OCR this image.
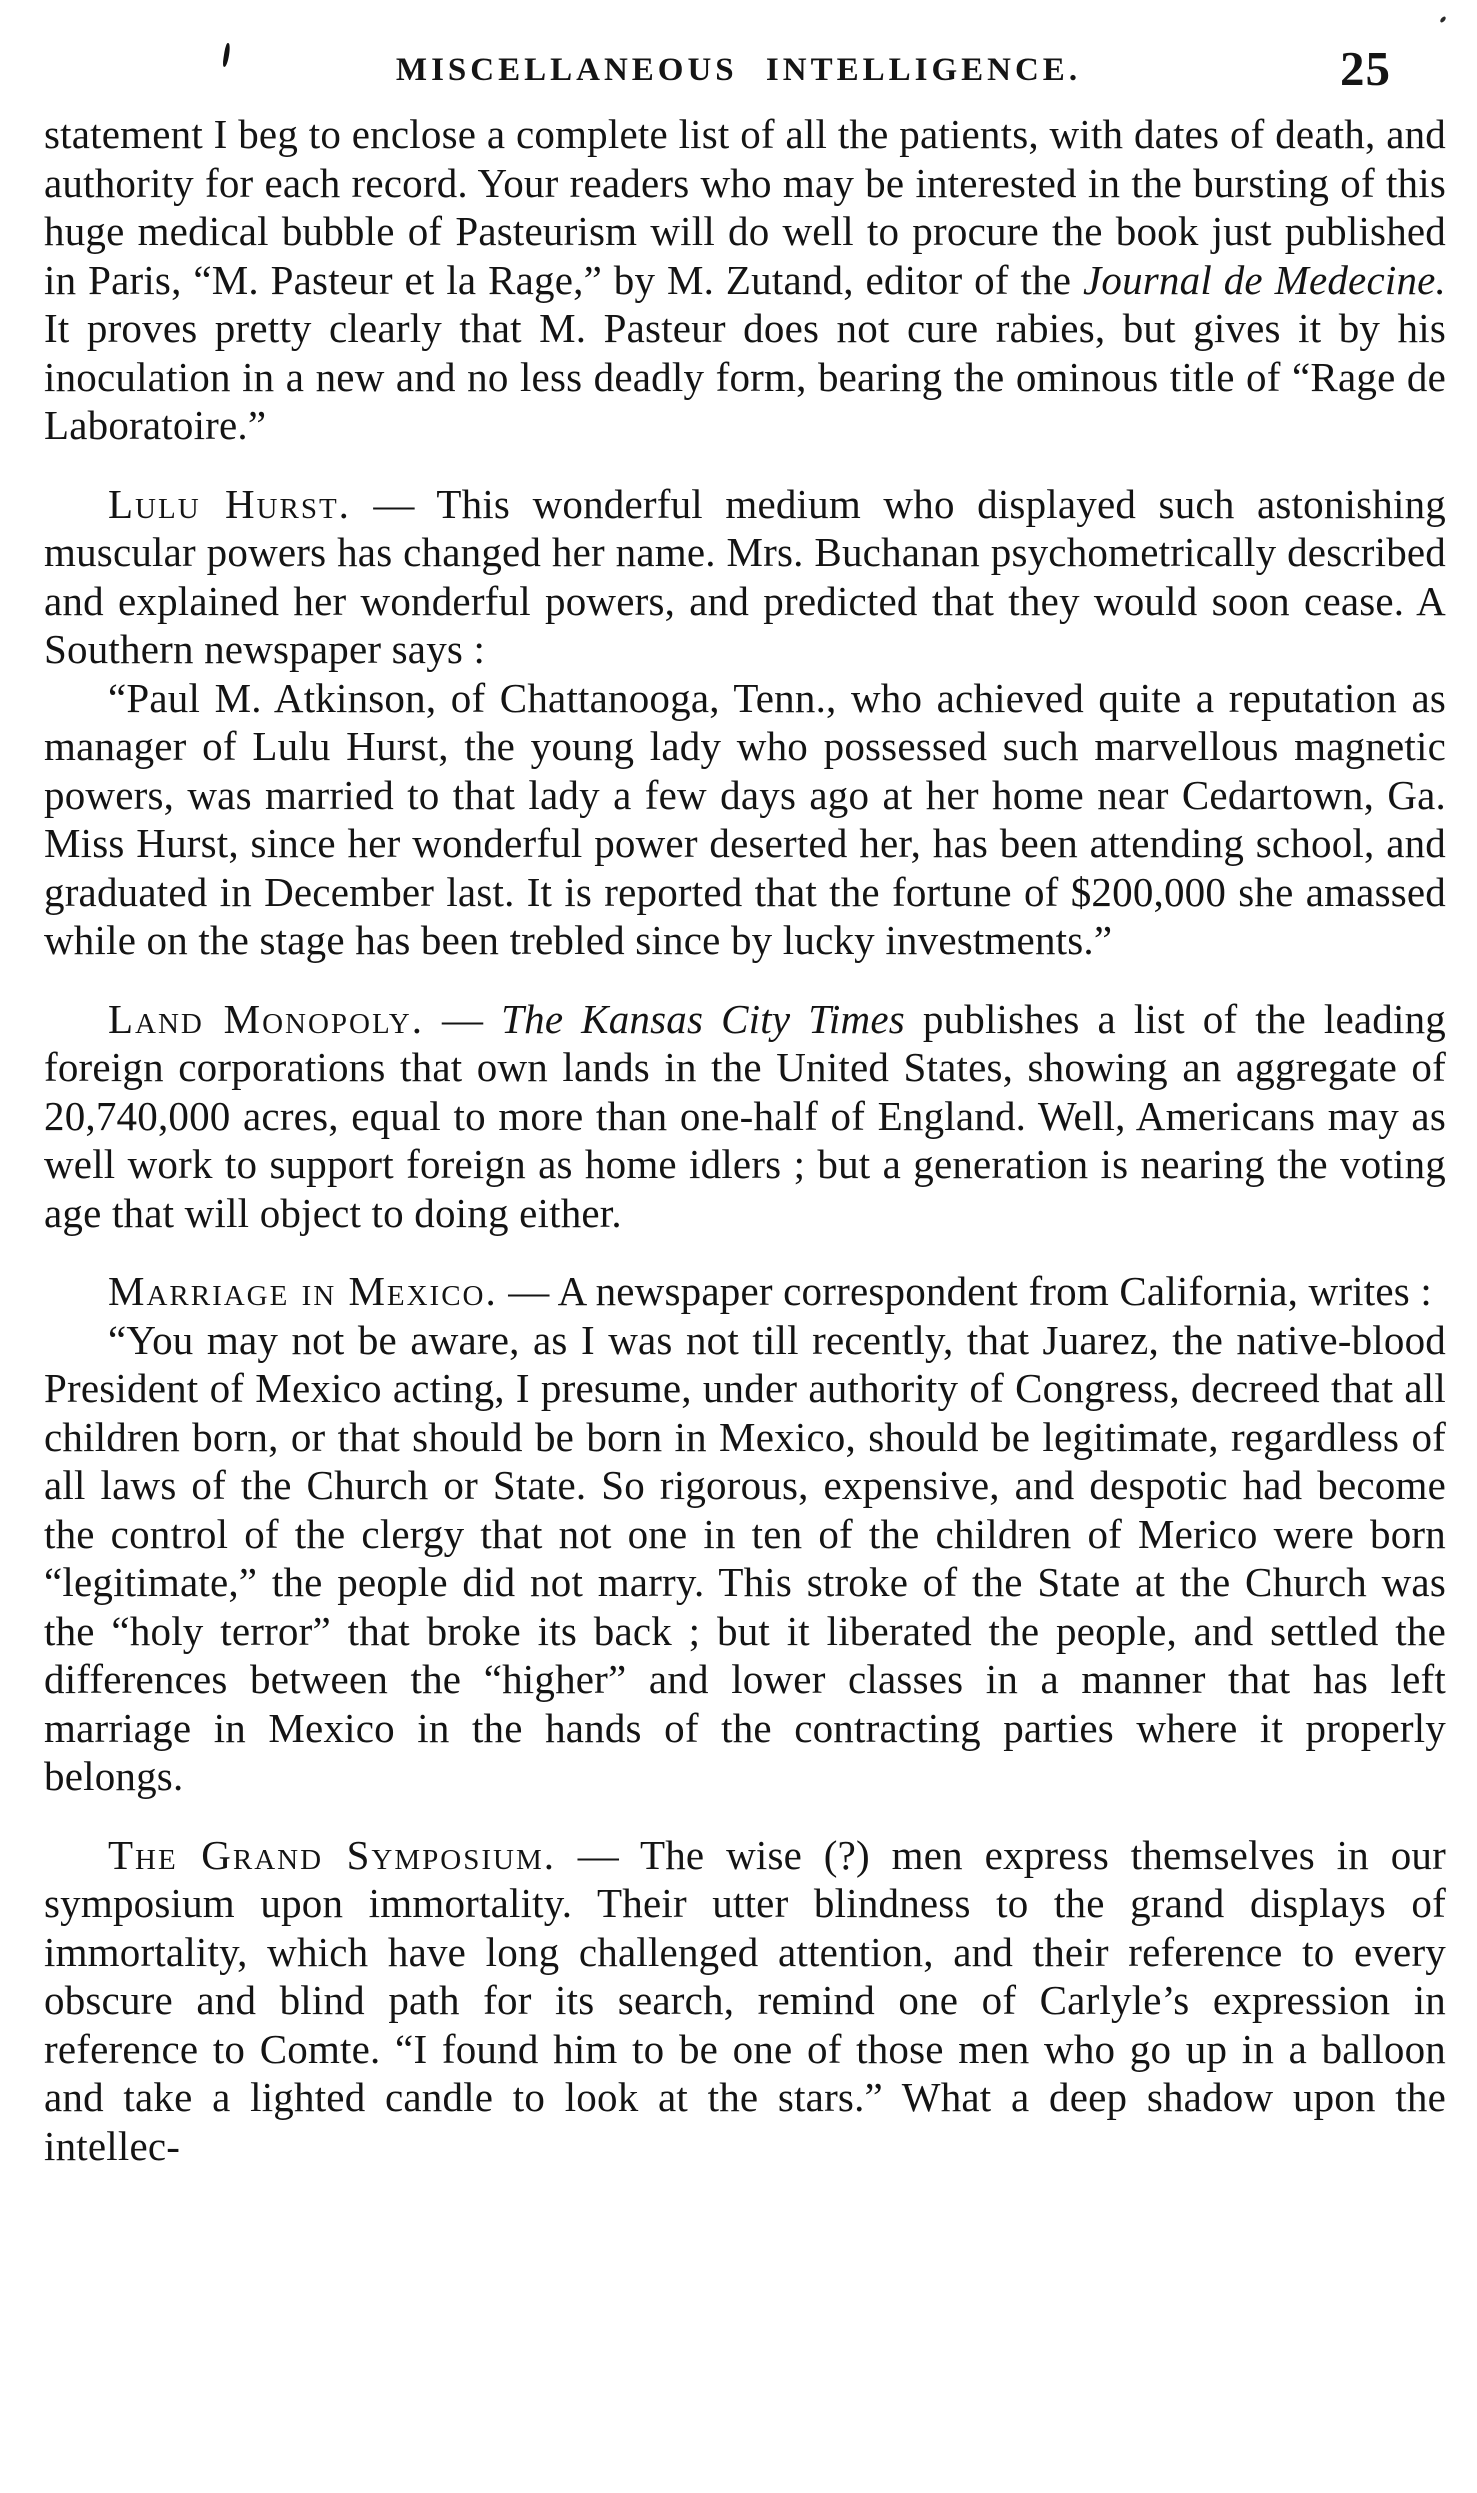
MISCELLANEOUS INTELLIGENCE.	25

statement I beg to enclose a complete list of all the patients, with dates of death, and authority for each record. Your readers who may be interested in the bursting of this huge medical bubble of Pasteurism will do well to procure the book just published in Paris, “M. Pasteur et la Rage,” by M. Zutand, editor of the Journal de Medecine. It proves pretty clearly that M. Pasteur does not cure rabies, but gives it by his inoculation in a new and no less deadly form, bearing the ominous title of “Rage de Laboratoire.”

Lulu Hurst. — This wonderful medium who displayed such astonishing muscular powers has changed her name. Mrs. Buchanan psychometrically described and explained her wonderful powers, and predicted that they would soon cease. A Southern newspaper says :

“Paul M. Atkinson, of Chattanooga, Tenn., who achieved quite a reputation as manager of Lulu Hurst, the young lady who possessed such marvellous magnetic powers, was married to that lady a few days ago at her home near Cedartown, Ga. Miss Hurst, since her wonderful power deserted her, has been attending school, and graduated in December last. It is reported that the fortune of $200,000 she amassed while on the stage has been trebled since by lucky investments.”

Land Monopoly. — The Kansas City Times publishes a list of the leading foreign corporations that own lands in the United States, showing an aggregate of 20,740,000 acres, equal to more than one-half of England. Well, Americans may as well work to support foreign as home idlers ; but a generation is nearing the voting age that will object to doing either.

Marriage in Mexico. — A newspaper correspondent from California, writes :

“You may not be aware, as I was not till recently, that Juarez, the native-blood President of Mexico acting, I presume, under authority of Congress, decreed that all children born, or that should be born in Mexico, should be legitimate, regardless of all laws of the Church or State. So rigorous, expensive, and despotic had become the control of the clergy that not one in ten of the children of Merico were born “legitimate,” the people did not marry. This stroke of the State at the Church was the “holy terror” that broke its back ; but it liberated the people, and settled the differences between the “higher” and lower classes in a manner that has left marriage in Mexico in the hands of the contracting parties where it properly belongs.

The Grand Symposium. — The wise (?) men express themselves in our symposium upon immortality. Their utter blindness to the grand displays of immortality, which have long challenged attention, and their reference to every obscure and blind path for its search, remind one of Carlyle’s expression in reference to Comte. “I found him to be one of those men who go up in a balloon and take a lighted candle to look at the stars.” What a deep shadow upon the intellec-
